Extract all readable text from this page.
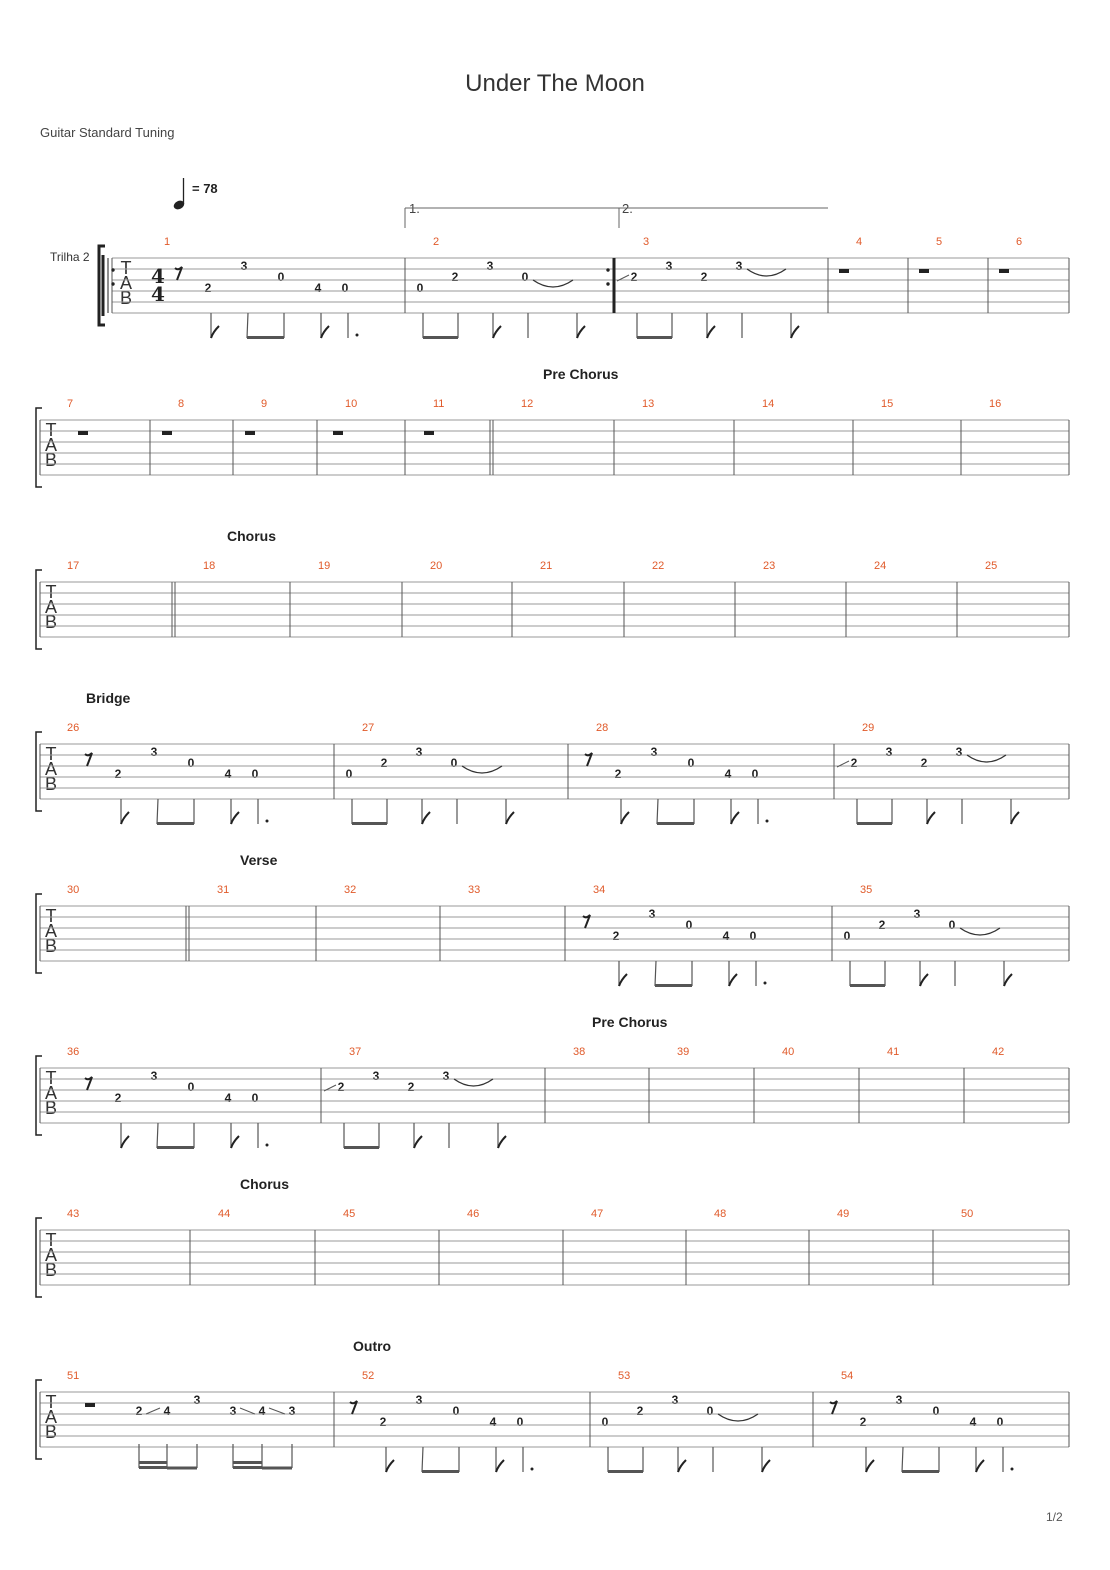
Under The Moon
Guitar Standard Tuning
Trilha 2
= 78
1.	2.
1	2	3	4	5	6
7	8	9	10	11	12	13	14	15	16
17	18	19	20	21	22	23	24	25
26	27	28	29
30	31	32	33	34	35
36	37	38	39	40	41	42
43	44	45	46	47	48	49	50
51	52	53	54
Pre Chorus
Chorus
Bridge
Verse
Pre Chorus
Chorus
Outro
T
A
B
T
A
B
T
A
B
T
A
B
T
A
B
T
A
B
T
A
B
T
A
B
2
3
0
4 0	0
2
3
0	2
3
2
3
2
3
0
4 0	0
2
3
0
2
3
0
4 0
2
3
2
3
2
3
0
4 0	0
2
3
0
2
3
0
4 0
2
3
2
3
2
3
0
4 0	0
2
3
0
2
3
0
4 0
2 4
3
3 4 3
4
4
1/2
